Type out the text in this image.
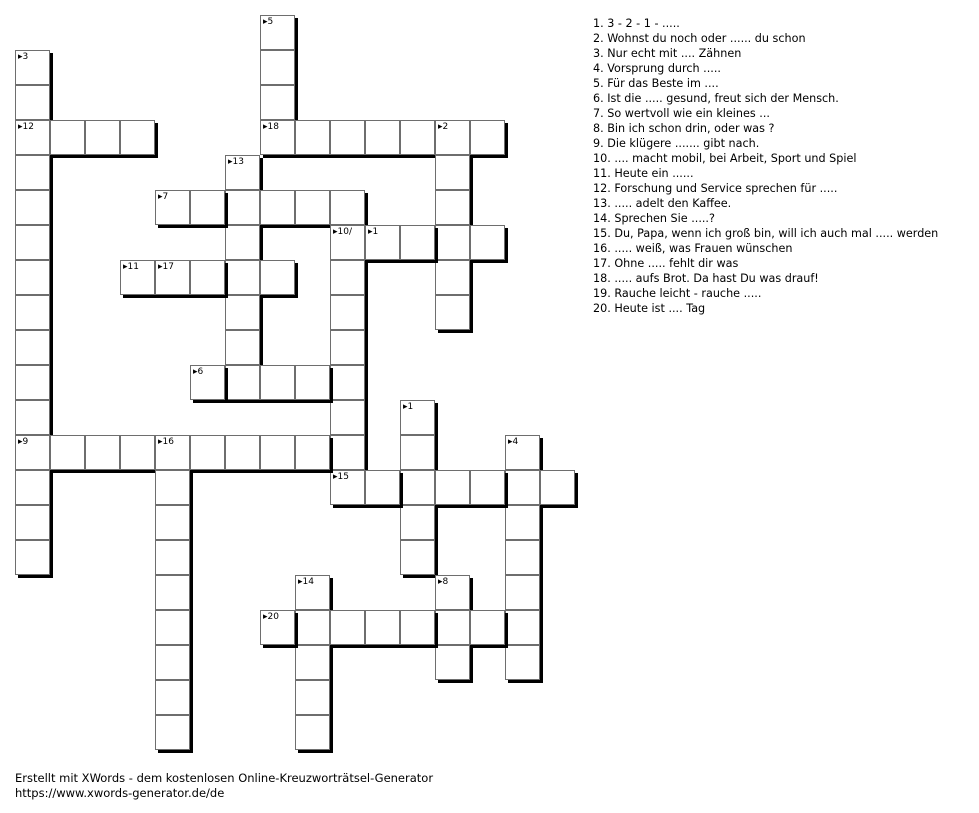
▸5
▸18
▸3
▸12
▸9
▸2
▸13
▸7
▸10/ ▸1
▸11 ▸17
▸15
▸6
▸16
▸1
▸4
▸14	▸8
▸20
1. 3 - 2 - 1 - .....
2. Wohnst du noch oder ...... du schon
3. Nur echt mit .... Zähnen
4. Vorsprung durch .....
5. Für das Beste im ....
6. Ist die ..... gesund, freut sich der Mensch.
7. So wertvoll wie ein kleines ...
8. Bin ich schon drin, oder was ?
9. Die klügere ....... gibt nach.
10. .... macht mobil, bei Arbeit, Sport und Spiel
11. Heute ein ......
12. Forschung und Service sprechen für .....
13. ..... adelt den Kaffee.
14. Sprechen Sie .....?
15. Du, Papa, wenn ich groß bin, will ich auch mal ..... werden
16. ..... weiß, was Frauen wünschen
17. Ohne ..... fehlt dir was
18. ..... aufs Brot. Da hast Du was drauf!
19. Rauche leicht - rauche .....
20. Heute ist .... Tag
Erstellt mit XWords - dem kostenlosen Online-Kreuzworträtsel-Generator
https://www.xwords-generator.de/de
